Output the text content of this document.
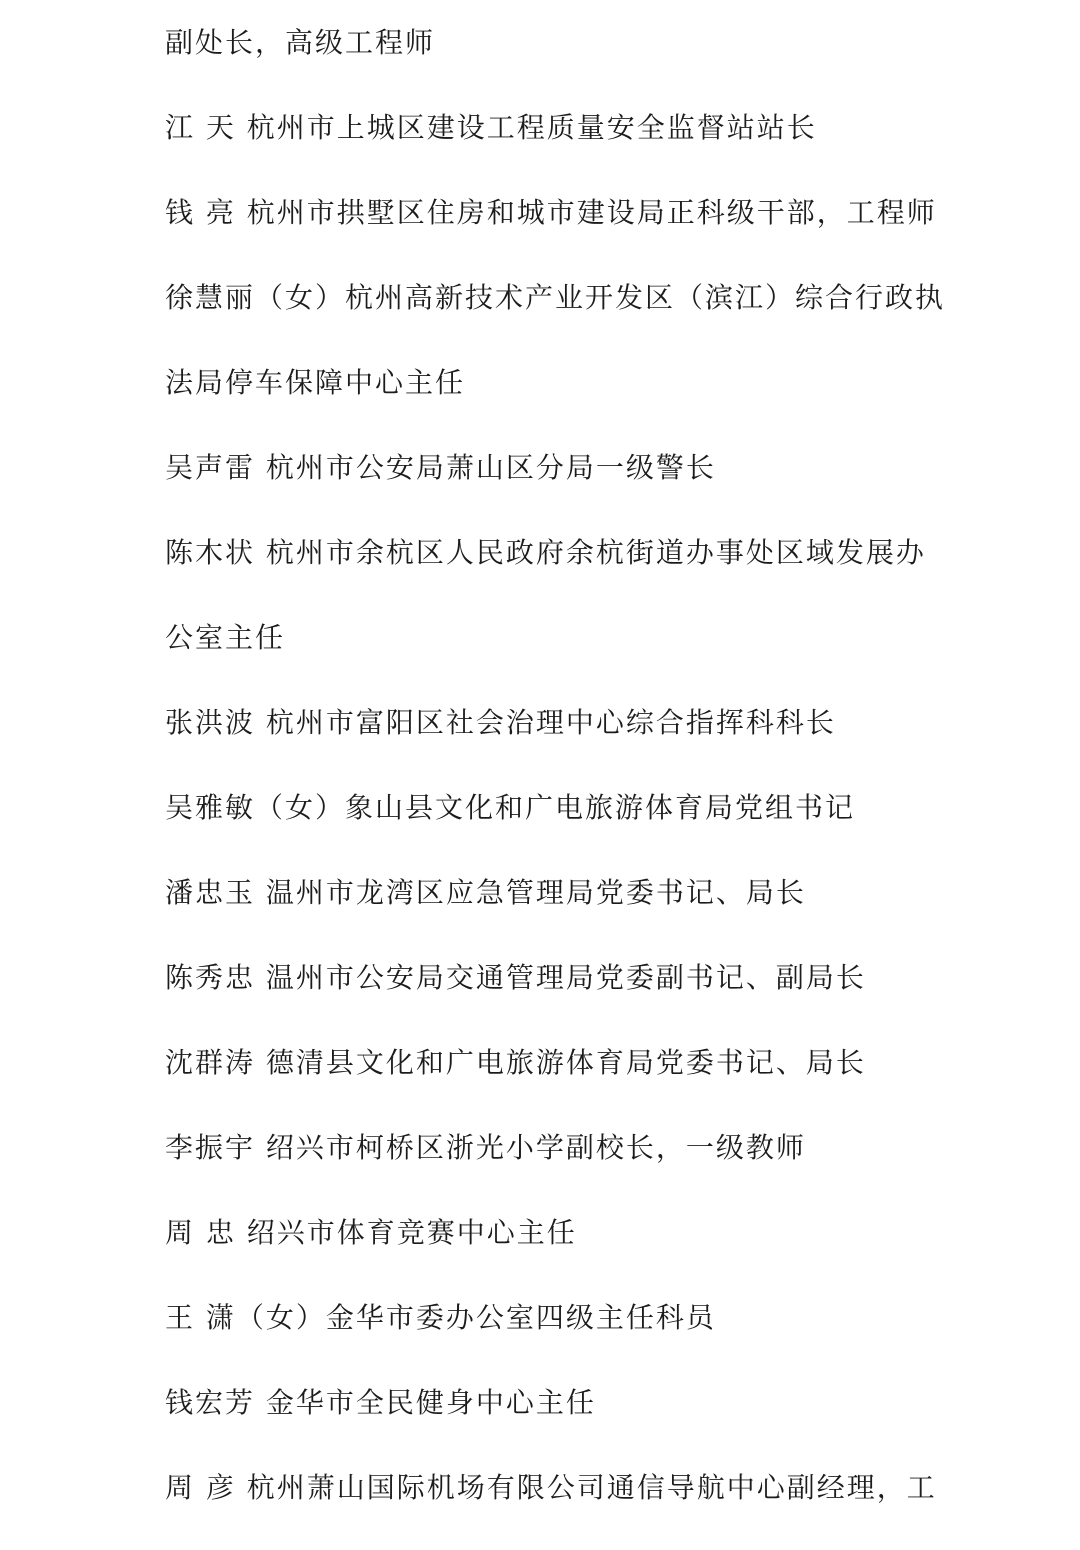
副处长，高级工程师
江 天 杭州市上城区建设工程质量安全监督站站长
钱 亮 杭州市拱墅区住房和城市建设局正科级干部，工程师
徐慧丽（女）杭州高新技术产业开发区（滨江）综合行政执
法局停车保障中心主任
吴声雷 杭州市公安局萧山区分局一级警长
陈木状 杭州市余杭区人民政府余杭街道办事处区域发展办
公室主任
张洪波 杭州市富阳区社会治理中心综合指挥科科长
吴雅敏（女）象山县文化和广电旅游体育局党组书记
潘忠玉 温州市龙湾区应急管理局党委书记、局长
陈秀忠 温州市公安局交通管理局党委副书记、副局长
沈群涛 德清县文化和广电旅游体育局党委书记、局长
李振宇 绍兴市柯桥区浙光小学副校长，一级教师
周 忠 绍兴市体育竞赛中心主任
王 潇（女）金华市委办公室四级主任科员
钱宏芳 金华市全民健身中心主任
周 彦 杭州萧山国际机场有限公司通信导航中心副经理，工
